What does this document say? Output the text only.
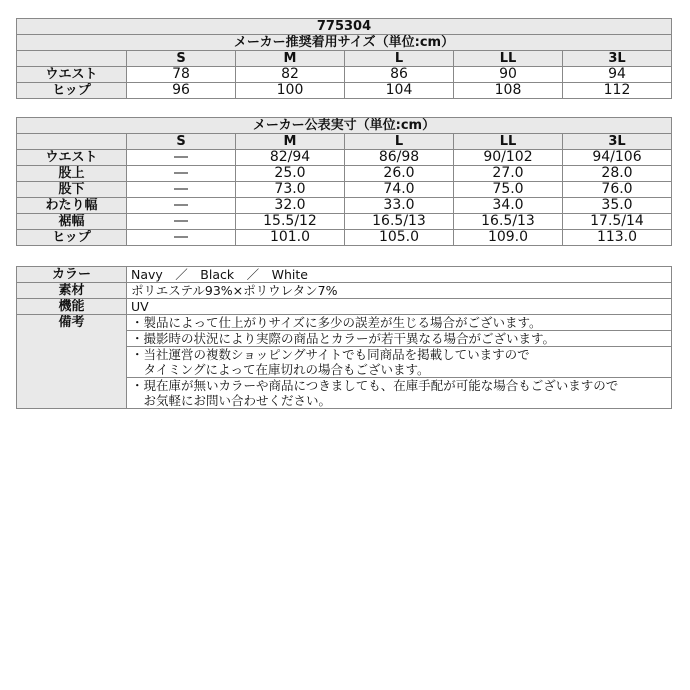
775304					
メーカー推奨着用サイズ（単位:cm）					
	S	M	L	LL	3L
ウエスト	78	82	86	90	94
ヒップ	96	100	104	108	112
メーカー公表実寸（単位:cm）					
	S	M	L	LL	3L
ウエスト	―	82/94	86/98	90/102	94/106
股上	―	25.0	26.0	27.0	28.0
股下	―	73.0	74.0	75.0	76.0
わたり幅	―	32.0	33.0	34.0	35.0
裾幅	―	15.5/12	16.5/13	16.5/13	17.5/14
ヒップ	―	101.0	105.0	109.0	113.0
カラー	Navy　／　Black　／　White
素材	ポリエステル93%×ポリウレタン7%
機能	UV
備考	・製品によって仕上がりサイズに多少の誤差が生じる場合がございます。

	・撮影時の状況により実際の商品とカラーが若干異なる場合がございます。

	・当社運営の複数ショッピングサイトでも同商品を掲載していますので
　タイミングによって在庫切れの場合もございます。

	・現在庫が無いカラーや商品につきましても、在庫手配が可能な場合もございますので
　お気軽にお問い合わせください。
